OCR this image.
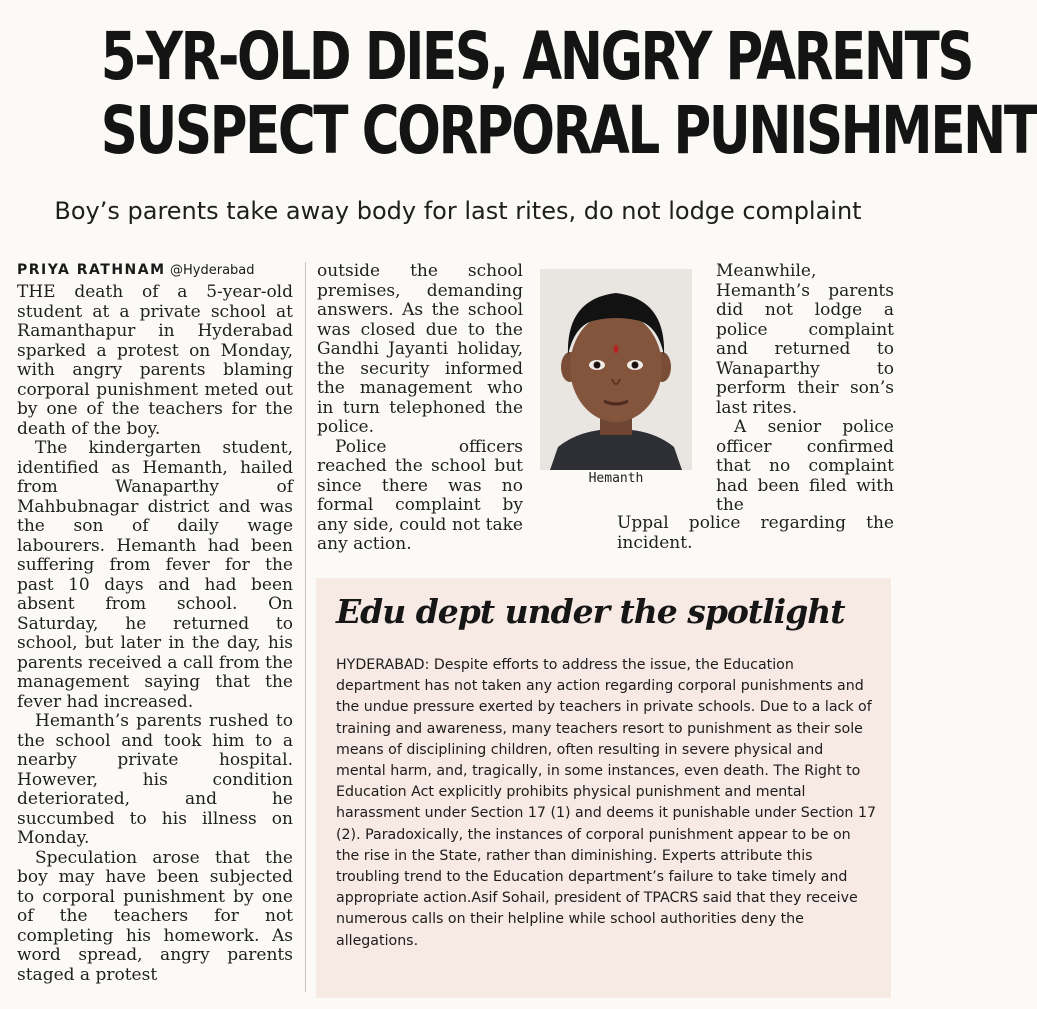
5-YR-OLD DIES, ANGRY PARENTS
SUSPECT CORPORAL PUNISHMENT

Boy’s parents take away body for last rites, do not lodge complaint

PRIYA RATHNAM @Hyderabad

THE death of a 5-year-old student at a private school at Ramanthapur in Hyderabad sparked a protest on Monday, with angry parents blaming corporal punishment meted out by one of the teachers for the death of the boy.

The kindergarten student, identified as Hemanth, hailed from Wanaparthy of Mahbubnagar district and was the son of daily wage labourers. Hemanth had been suffering from fever for the past 10 days and had been absent from school. On Saturday, he returned to school, but later in the day, his parents received a call from the management saying that the fever had increased.

Hemanth’s parents rushed to the school and took him to a nearby private hospital. However, his condition deteriorated, and he succumbed to his illness on Monday.

Speculation arose that the boy may have been subjected to corporal punishment by one of the teachers for not completing his homework. As word spread, angry parents staged a protest

outside the school premises, demanding answers. As the school was closed due to the Gandhi Jayanti holiday, the security informed the management who in turn telephoned the police.

Police officers reached the school but since there was no formal complaint by any side, could not take any action.

Hemanth

Meanwhile, Hemanth’s parents did not lodge a police complaint and returned to Wanaparthy to perform their son’s last rites.

A senior police officer confirmed that no complaint had been filed with the

Uppal police regarding the incident.

Edu dept under the spotlight

HYDERABAD: Despite efforts to address the issue, the Education department has not taken any action regarding corporal punishments and the undue pressure exerted by teachers in private schools. Due to a lack of training and awareness, many teachers resort to punishment as their sole means of disciplining children, often resulting in severe physical and mental harm, and, tragically, in some instances, even death. The Right to Education Act explicitly prohibits physical punishment and mental harassment under Section 17 (1) and deems it punishable under Section 17 (2). Paradoxically, the instances of corporal punishment appear to be on the rise in the State, rather than diminishing. Experts attribute this troubling trend to the Education department’s failure to take timely and appropriate action.Asif Sohail, president of TPACRS said that they receive numerous calls on their helpline while school authorities deny the allegations.
